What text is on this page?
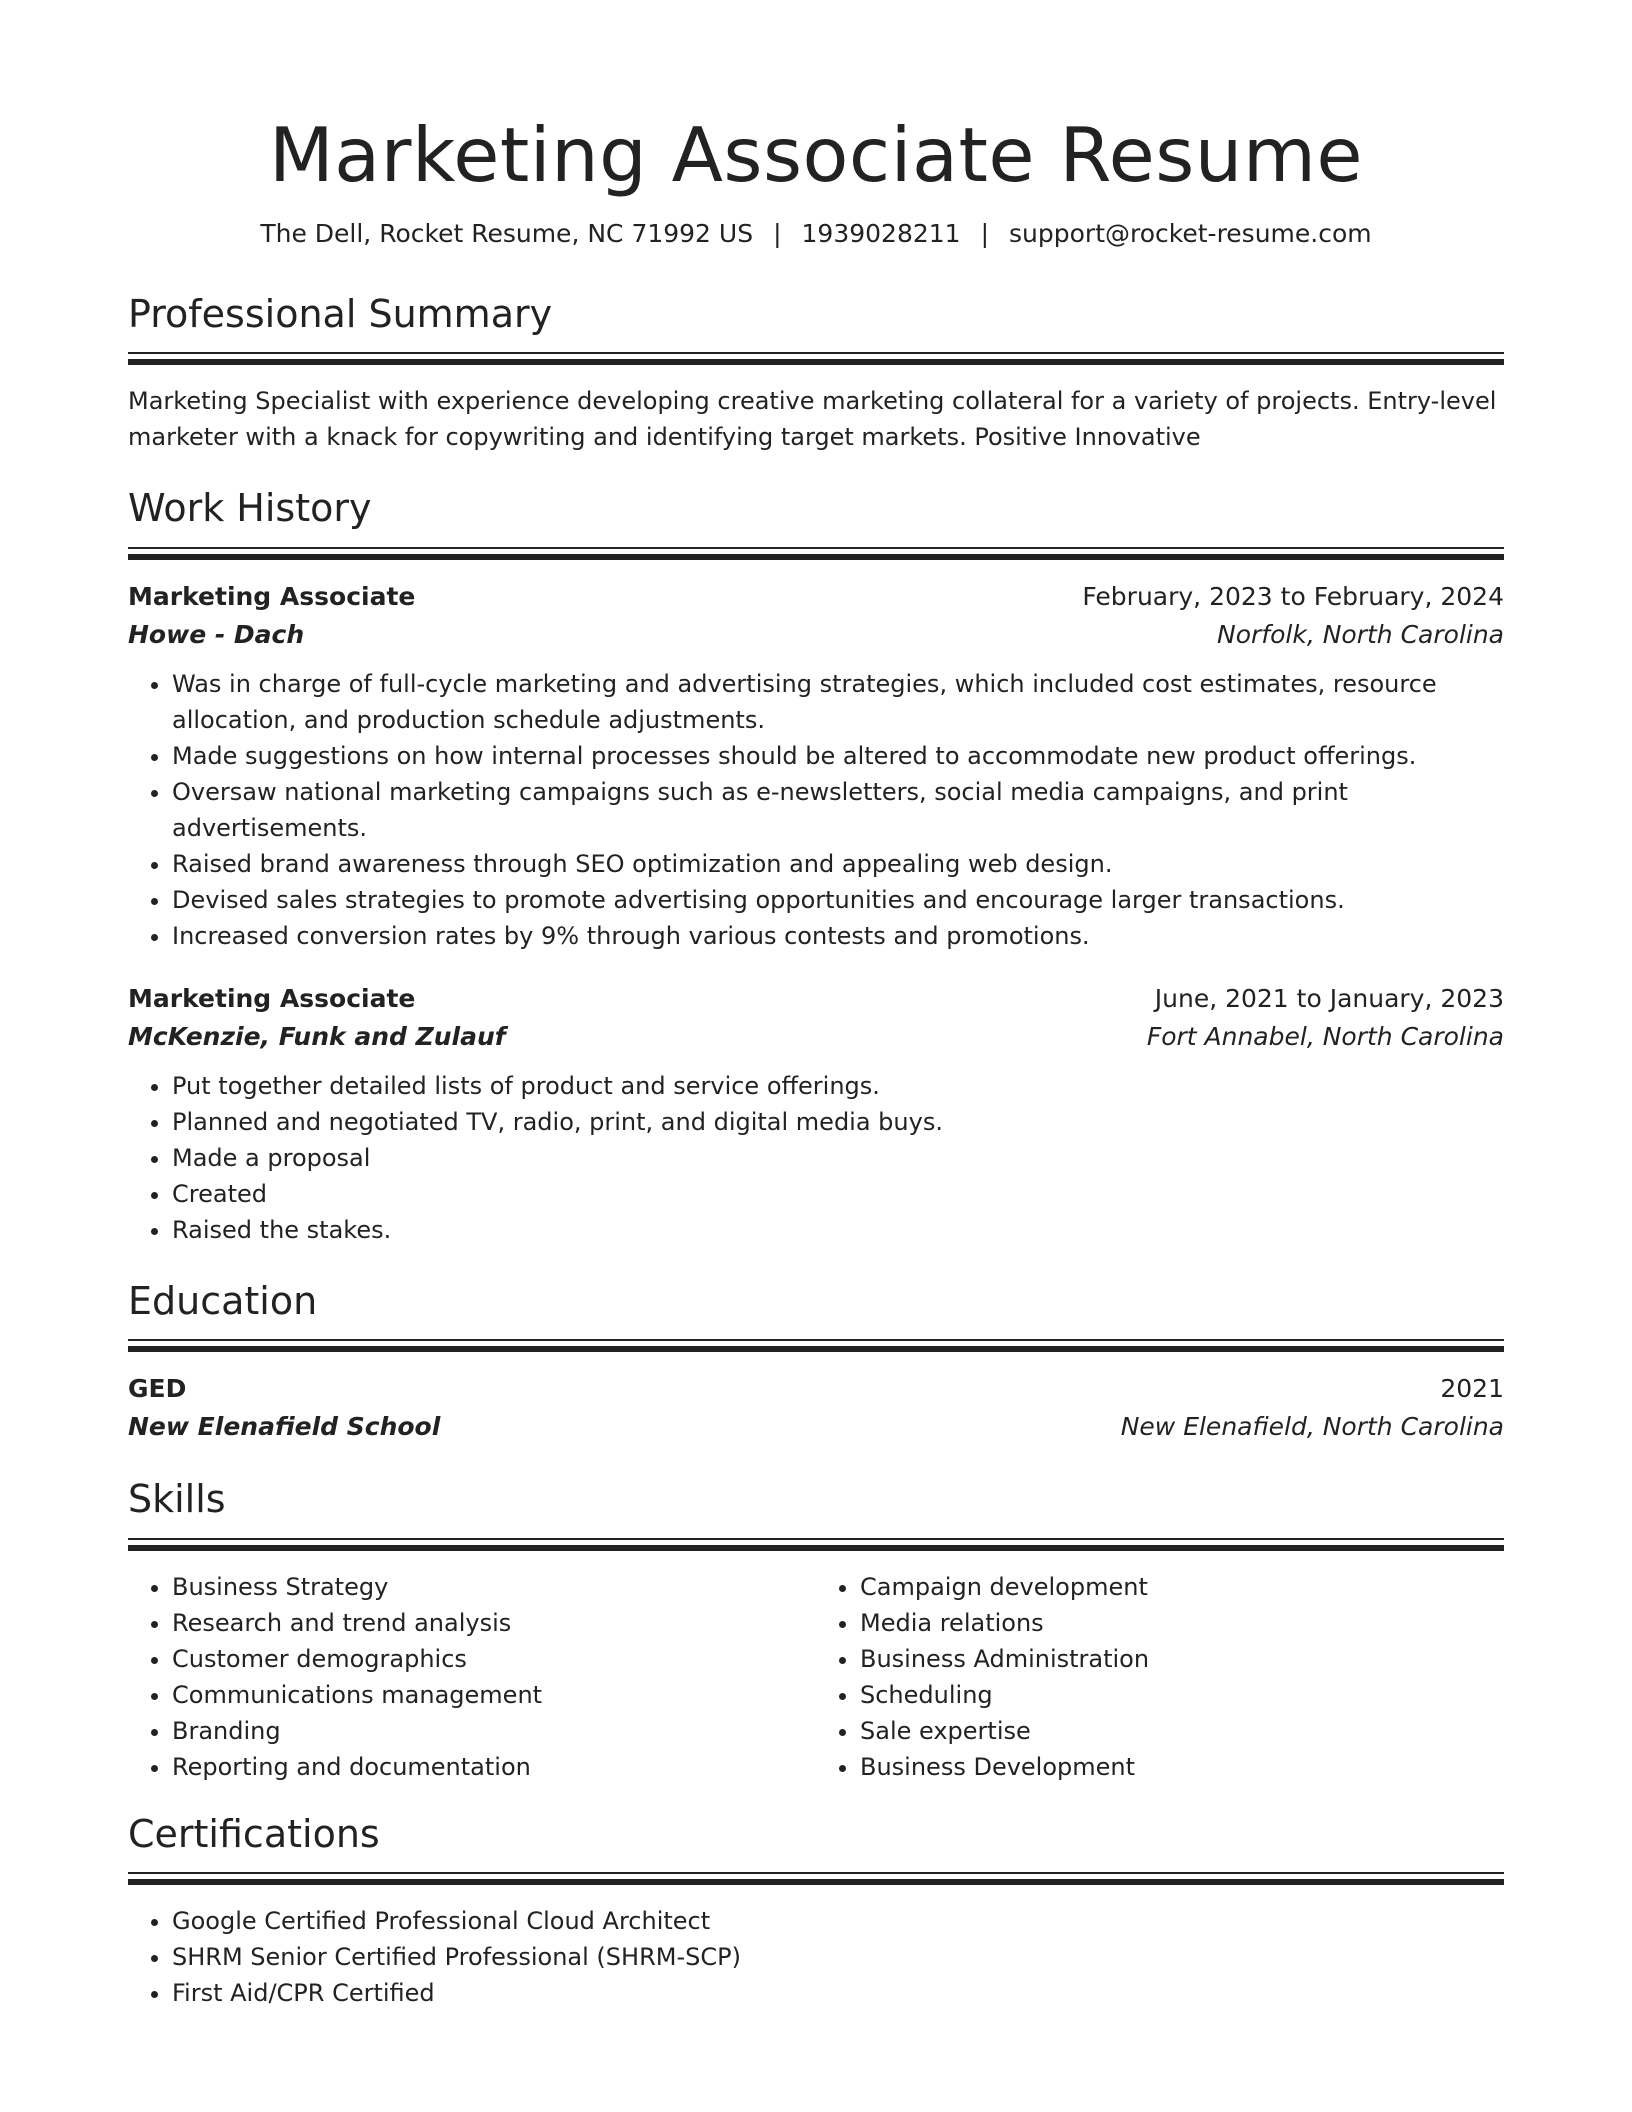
Marketing Associate Resume
The Dell, Rocket Resume, NC 71992 US | 1939028211 | support@rocket-resume.com
Professional Summary

Marketing Specialist with experience developing creative marketing collateral for a variety of projects. Entry-level marketer with a knack for copywriting and identifying target markets. Positive Innovative

Work History
Marketing Associate	February, 2023 to February, 2024
Howe - Dach	Norfolk, North Carolina
• Was in charge of full-cycle marketing and advertising strategies, which included cost estimates, resource allocation, and production schedule adjustments.
• Made suggestions on how internal processes should be altered to accommodate new product offerings.
• Oversaw national marketing campaigns such as e-newsletters, social media campaigns, and print advertisements.
• Raised brand awareness through SEO optimization and appealing web design.
• Devised sales strategies to promote advertising opportunities and encourage larger transactions.
• Increased conversion rates by 9% through various contests and promotions.
Marketing Associate	June, 2021 to January, 2023
McKenzie, Funk and Zulauf	Fort Annabel, North Carolina
• Put together detailed lists of product and service offerings.
• Planned and negotiated TV, radio, print, and digital media buys.
• Made a proposal
• Created
• Raised the stakes.
Education
GED	2021
New Elenafield School	New Elenafield, North Carolina
Skills
• Business Strategy
• Research and trend analysis
• Customer demographics
• Communications management
• Branding
• Reporting and documentation
• Campaign development
• Media relations
• Business Administration
• Scheduling
• Sale expertise
• Business Development
Certifications
• Google Certified Professional Cloud Architect
• SHRM Senior Certified Professional (SHRM-SCP)
• First Aid/CPR Certified
